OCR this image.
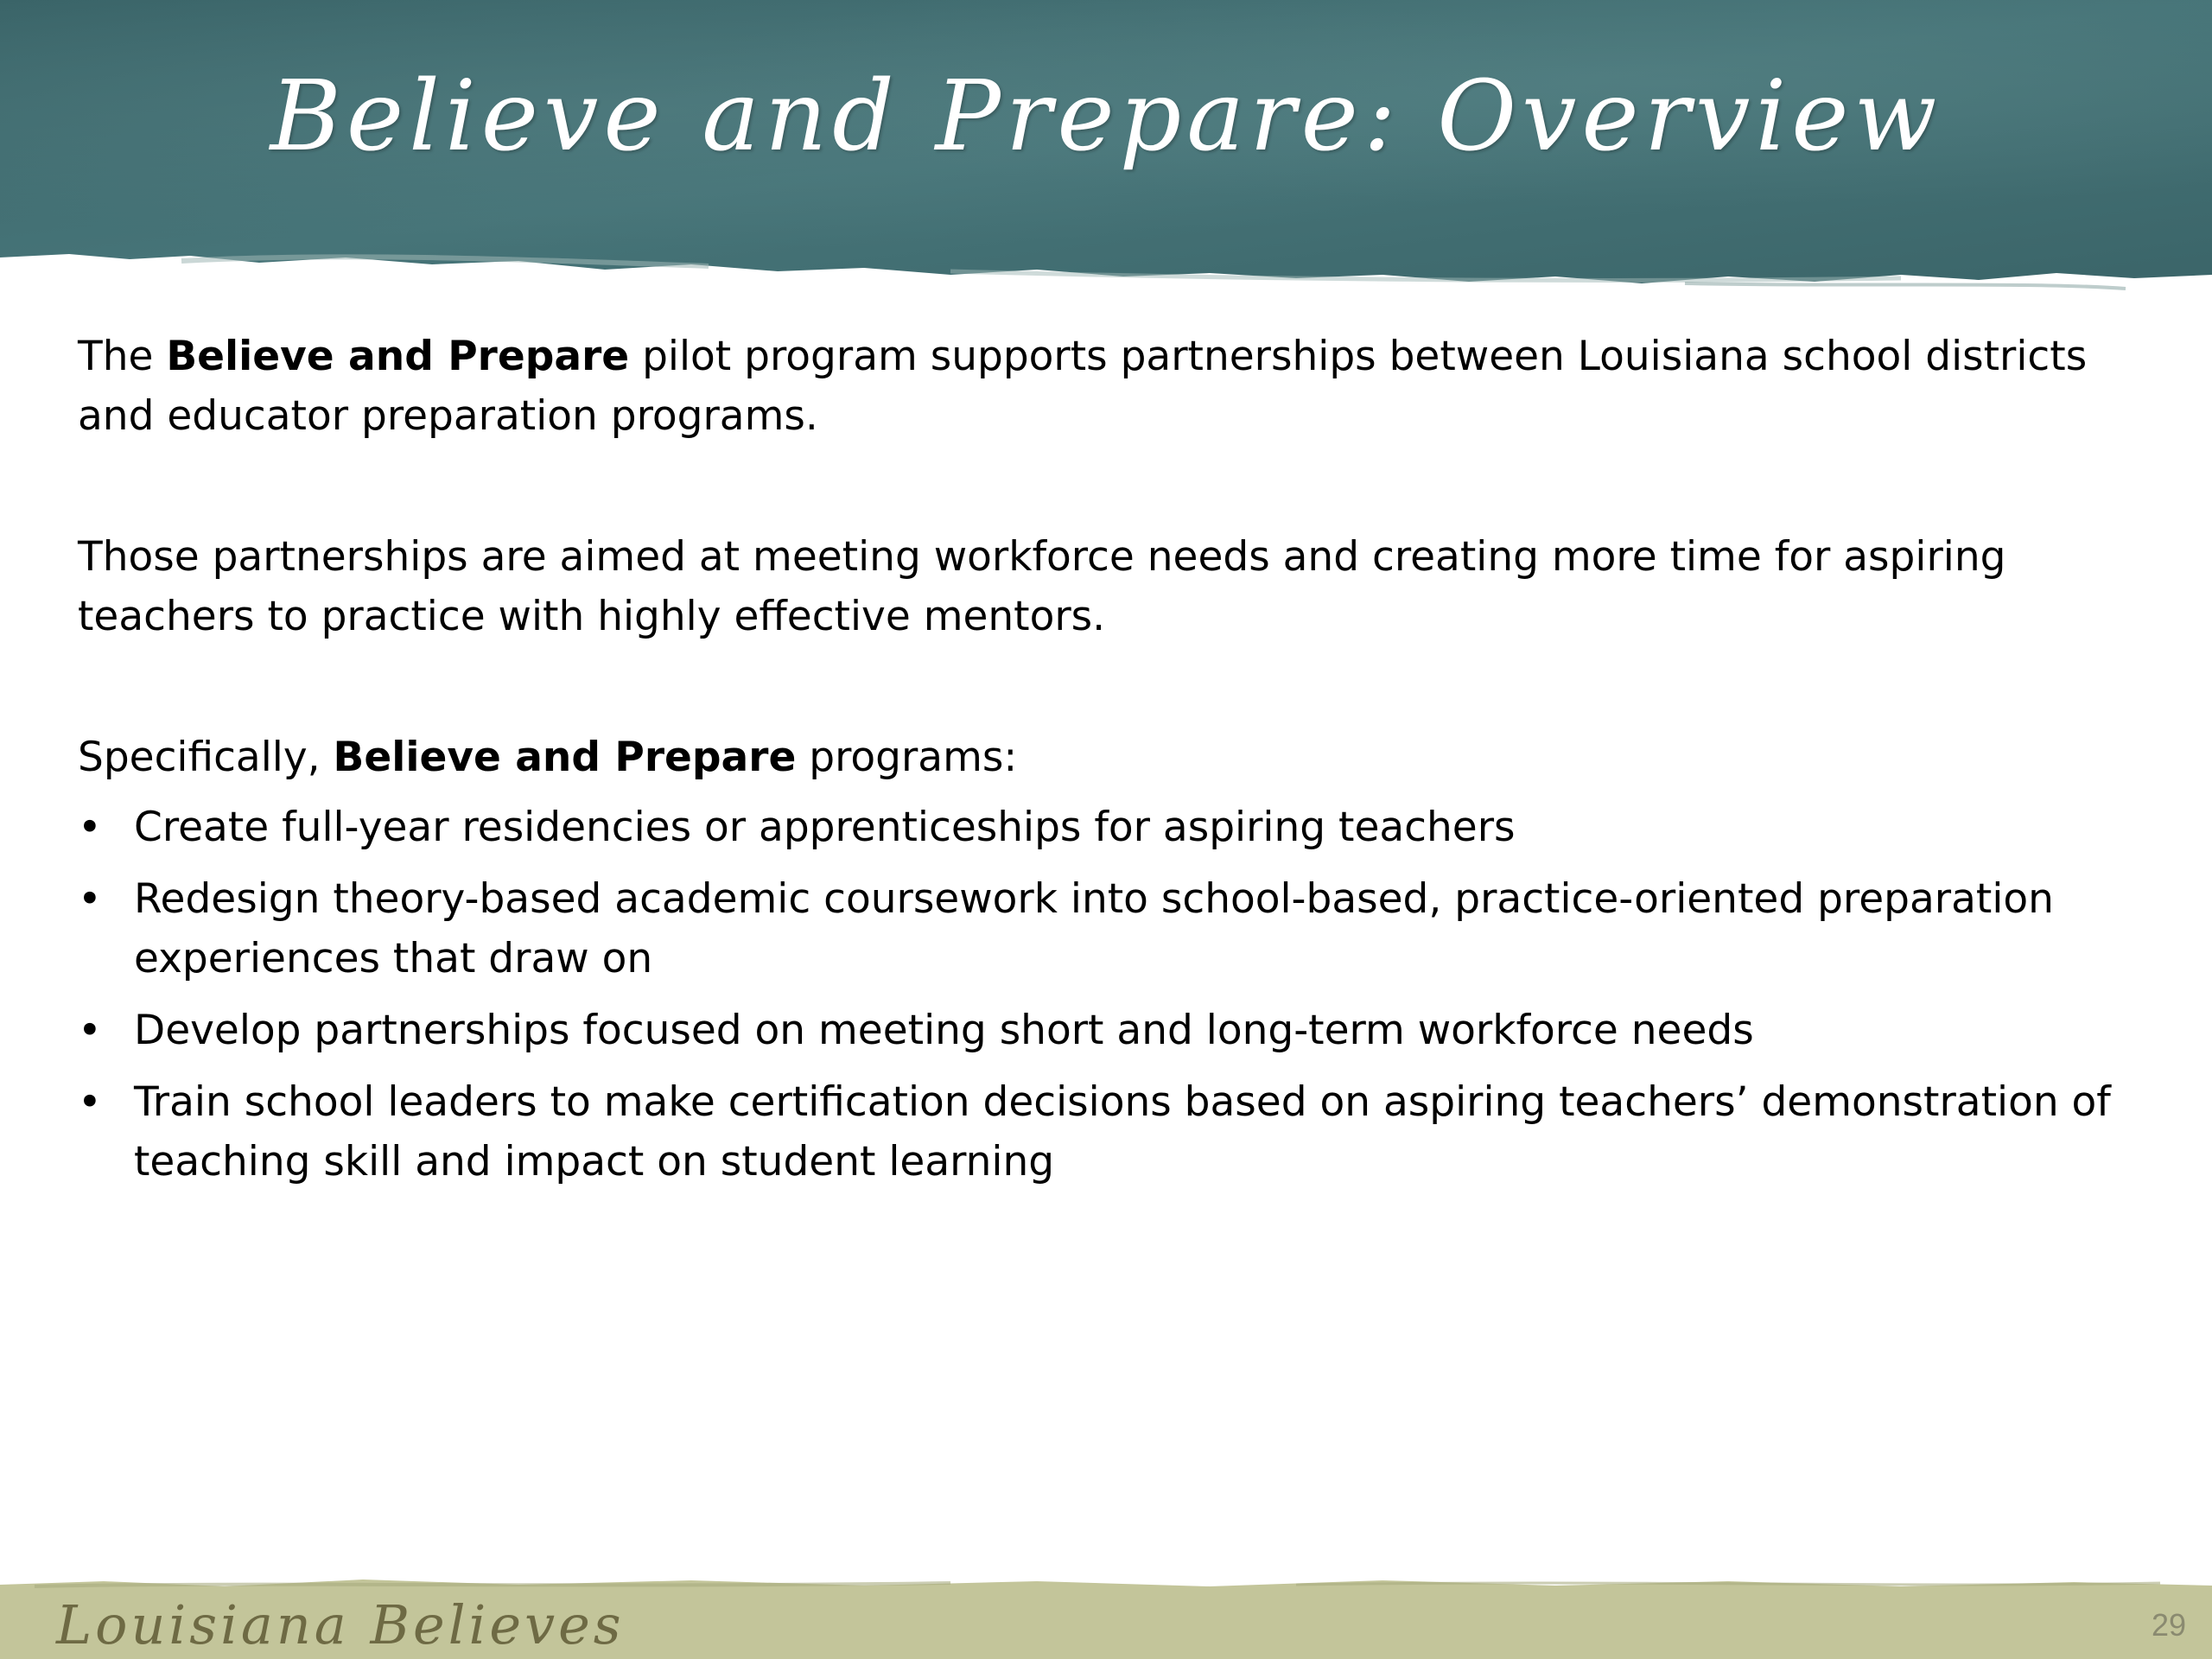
Believe and Prepare: Overview

The Believe and Prepare pilot program supports partnerships between Louisiana school districts and educator preparation programs.

Those partnerships are aimed at meeting workforce needs and creating more time for aspiring teachers to practice with highly effective mentors.

Specifically, Believe and Prepare programs:

• Create full-year residencies or apprenticeships for aspiring teachers
• Redesign theory-based academic coursework into school-based, practice-oriented preparation experiences that draw on
• Develop partnerships focused on meeting short and long-term workforce needs
• Train school leaders to make certification decisions based on aspiring teachers’ demonstration of teaching skill and impact on student learning
Louisiana Believes	29
